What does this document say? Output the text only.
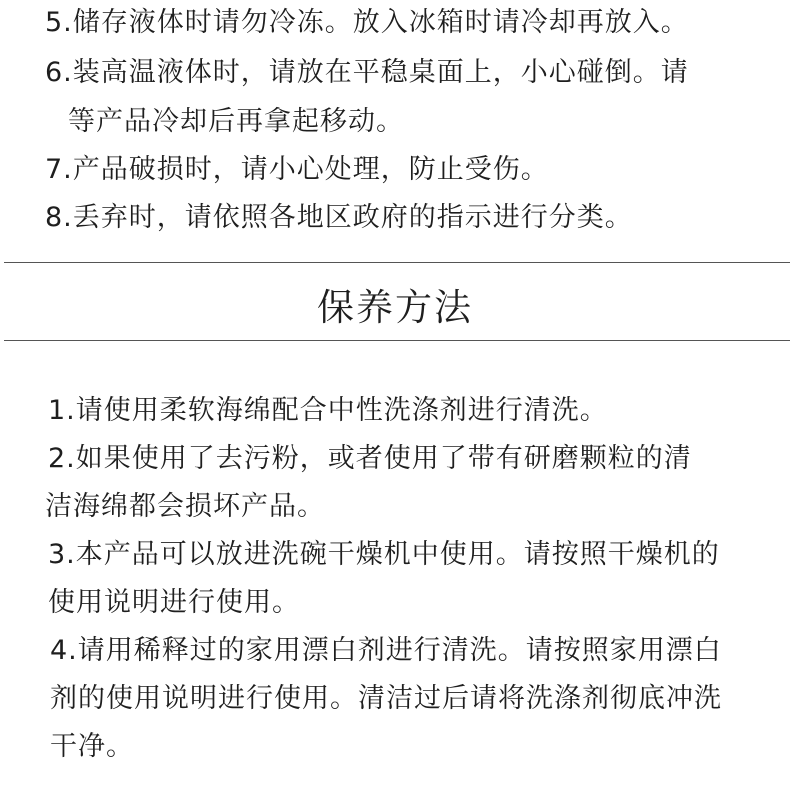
5.储存液体时请勿冷冻。放入冰箱时请冷却再放入。
6.装高温液体时，请放在平稳桌面上，小心碰倒。请
等产品冷却后再拿起移动。
7.产品破损时，请小心处理，防止受伤。
8.丢弃时，请依照各地区政府的指示进行分类。
保养方法
1.请使用柔软海绵配合中性洗涤剂进行清洗。
2.如果使用了去污粉，或者使用了带有研磨颗粒的清
洁海绵都会损坏产品。
3.本产品可以放进洗碗干燥机中使用。请按照干燥机的
使用说明进行使用。
4.请用稀释过的家用漂白剂进行清洗。请按照家用漂白
剂的使用说明进行使用。清洁过后请将洗涤剂彻底冲洗
干净。
